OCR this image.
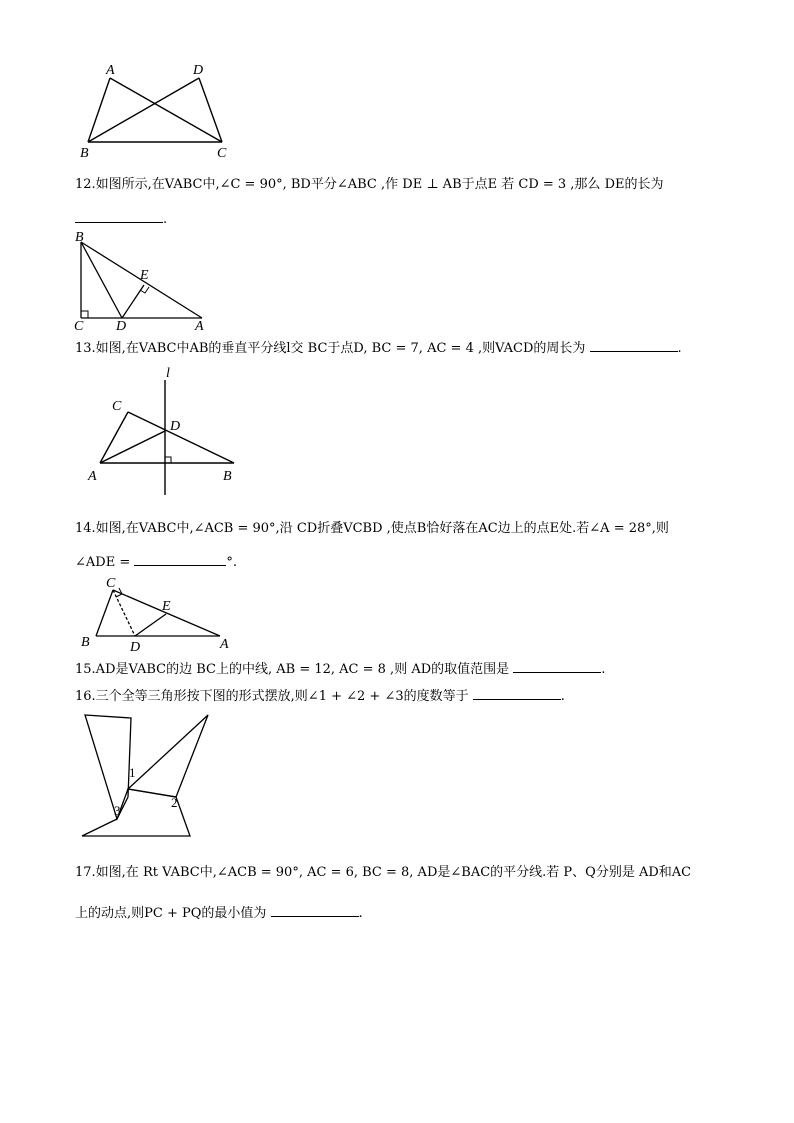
A	D
B	C
12.如图所示,在VABC中,∠C = 90°, BD平分∠ABC ,作 DE ⊥ AB于点E 若 CD = 3 ,那么 DE的长为
.
B
E
C D	A
13.如图,在VABC中AB的垂直平分线l交 BC于点D, BC = 7, AC = 4 ,则VACD的周长为	.
l
C
D
A	B
14.如图,在VABC中,∠ACB = 90°,沿 CD折叠VCBD ,使点B恰好落在AC边上的点E处.若∠A = 28°,则
∠ADE =	°.
C
E
B	D	A
15.AD是VABC的边 BC上的中线, AB = 12, AC = 8 ,则 AD的取值范围是	.
16.三个全等三角形按下图的形式摆放,则∠1 + ∠2 + ∠3的度数等于	.
1
2
3
17.如图,在 Rt VABC中,∠ACB = 90°, AC = 6, BC = 8, AD是∠BAC的平分线.若 P、Q分别是 AD和AC
上的动点,则PC + PQ的最小值为	.
